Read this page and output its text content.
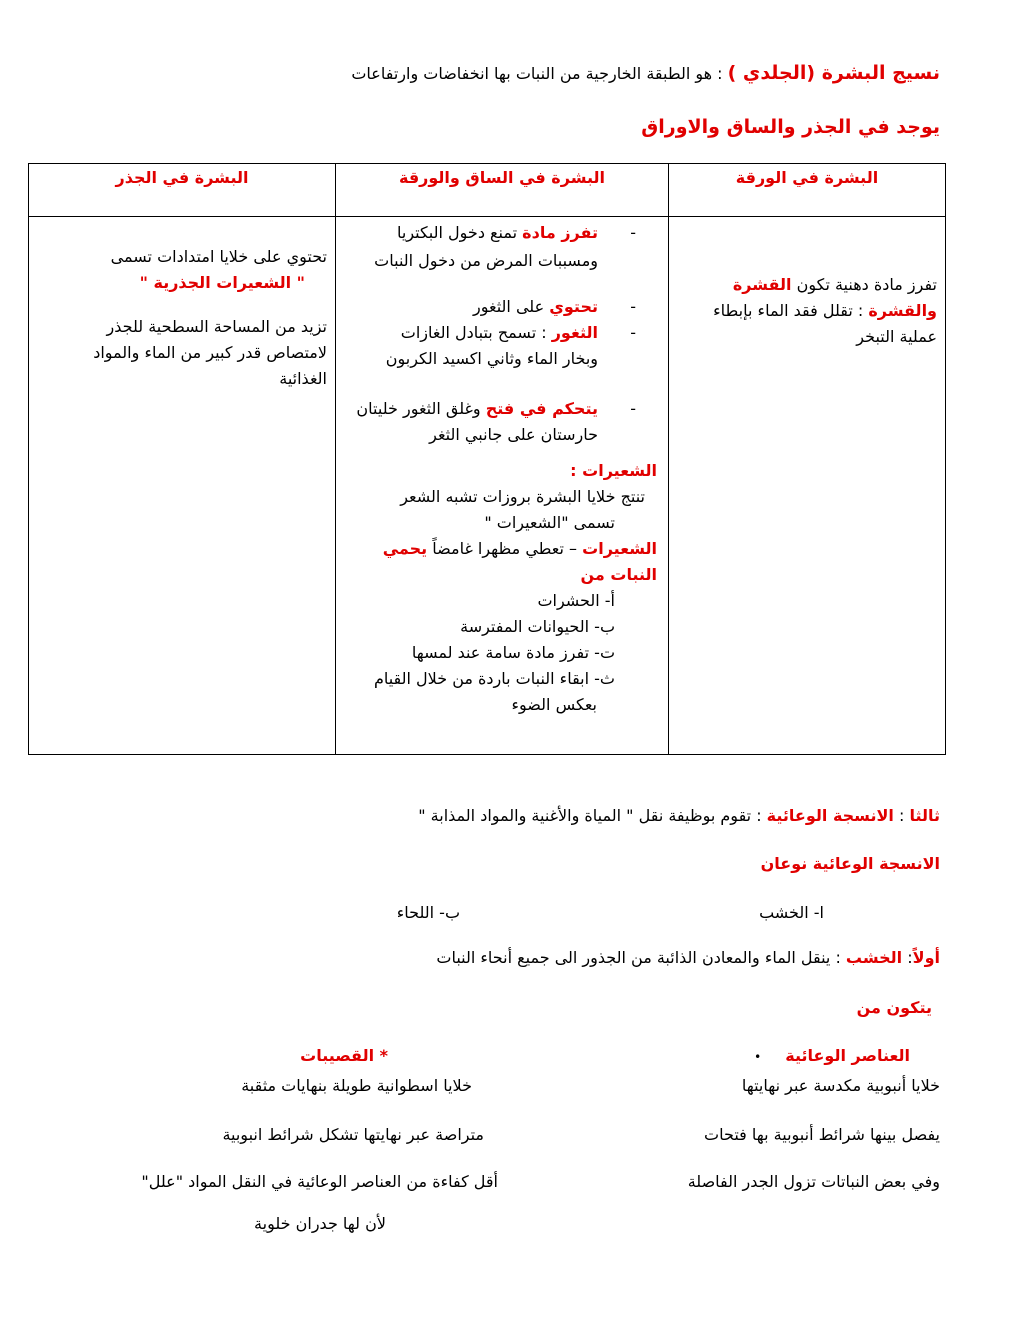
نسيج البشرة (الجلدي ) : هو الطبقة الخارجية من النبات بها انخفاضات وارتفاعات
يوجد في الجذر والساق والاوراق
البشرة في الورقة
البشرة في الساق والورقة
البشرة في الجذر

تفرز مادة دهنية تكون القشرة

والقشرة : تقلل فقد الماء بإبطاء

عملية التبخر

-
تفرز مادة تمنع دخول البكتريا

ومسببات المرض من دخول النبات

-
تحتوي على الثغور

-
الثغور : تسمح بتبادل الغازات

وبخار الماء وثاني اكسيد الكربون

-
يتحكم في فتح وغلق الثغور خليتان

حارستان على جانبي الثغر

الشعيرات :

تنتج خلايا البشرة بروزات تشبه الشعر

تسمى "الشعيرات "

الشعيرات – تعطي مظهرا غامضاً يحمي

النبات من

أ- الحشرات

ب- الحيوانات المفترسة

ت- تفرز مادة سامة عند لمسها

ث- ابقاء النبات باردة من خلال القيام

بعكس الضوء

تحتوي على خلايا امتدادات تسمى

" الشعيرات الجذرية "

تزيد من المساحة السطحية للجذر

لامتصاص قدر كبير من الماء والمواد

الغذائية

ثالثا : الانسجة الوعائية : تقوم بوظيفة نقل " المياة والأغنية والمواد المذابة "
الانسجة الوعائية نوعان
ا- الخشب
ب- اللحاء
أولاً: الخشب : ينقل الماء والمعادن الذائبة من الجذور الى جميع أنحاء النبات
يتكون من
العناصر الوعائية•
خلايا أنبوبية مكدسة عبر نهايتها
يفصل بينها شرائط أنبوبية بها فتحات
وفي بعض النباتات تزول الجدر الفاصلة
* القصيبات
خلايا اسطوانية طويلة بنهايات مثقبة
متراصة عبر نهايتها تشكل شرائط انبوبية
أقل كفاءة من العناصر الوعائية في النقل المواد "علل"
لأن لها جدران خلوية
